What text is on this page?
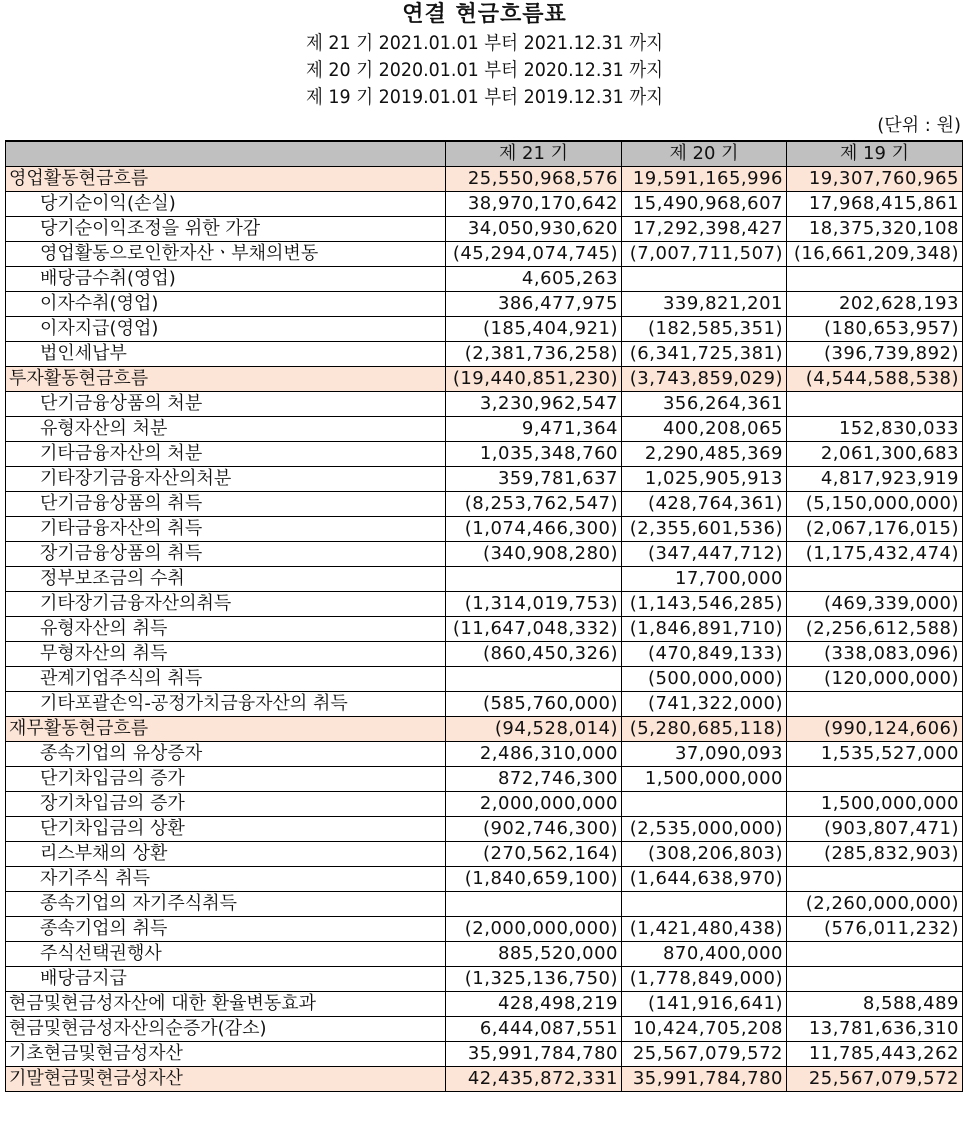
연결 현금흐름표
제 21 기 2021.01.01 부터 2021.12.31 까지
제 20 기 2020.01.01 부터 2020.12.31 까지
제 19 기 2019.01.01 부터 2019.12.31 까지
(단위 : 원)
	제 21 기	제 20 기	제 19 기
영업활동현금흐름	25,550,968,576	19,591,165,996	19,307,760,965
당기순이익(손실)	38,970,170,642	15,490,968,607	17,968,415,861
당기순이익조정을 위한 가감	34,050,930,620	17,292,398,427	18,375,320,108
영업활동으로인한자산ㆍ부채의변동	(45,294,074,745)	(7,007,711,507)	(16,661,209,348)
배당금수취(영업)	4,605,263		
이자수취(영업)	386,477,975	339,821,201	202,628,193
이자지급(영업)	(185,404,921)	(182,585,351)	(180,653,957)
법인세납부	(2,381,736,258)	(6,341,725,381)	(396,739,892)
투자활동현금흐름	(19,440,851,230)	(3,743,859,029)	(4,544,588,538)
단기금융상품의 처분	3,230,962,547	356,264,361	
유형자산의 처분	9,471,364	400,208,065	152,830,033
기타금융자산의 처분	1,035,348,760	2,290,485,369	2,061,300,683
기타장기금융자산의처분	359,781,637	1,025,905,913	4,817,923,919
단기금융상품의 취득	(8,253,762,547)	(428,764,361)	(5,150,000,000)
기타금융자산의 취득	(1,074,466,300)	(2,355,601,536)	(2,067,176,015)
장기금융상품의 취득	(340,908,280)	(347,447,712)	(1,175,432,474)
정부보조금의 수취		17,700,000	
기타장기금융자산의취득	(1,314,019,753)	(1,143,546,285)	(469,339,000)
유형자산의 취득	(11,647,048,332)	(1,846,891,710)	(2,256,612,588)
무형자산의 취득	(860,450,326)	(470,849,133)	(338,083,096)
관계기업주식의 취득		(500,000,000)	(120,000,000)
기타포괄손익-공정가치금융자산의 취득	(585,760,000)	(741,322,000)	
재무활동현금흐름	(94,528,014)	(5,280,685,118)	(990,124,606)
종속기업의 유상증자	2,486,310,000	37,090,093	1,535,527,000
단기차입금의 증가	872,746,300	1,500,000,000	
장기차입금의 증가	2,000,000,000		1,500,000,000
단기차입금의 상환	(902,746,300)	(2,535,000,000)	(903,807,471)
리스부채의 상환	(270,562,164)	(308,206,803)	(285,832,903)
자기주식 취득	(1,840,659,100)	(1,644,638,970)	
종속기업의 자기주식취득			(2,260,000,000)
종속기업의 취득	(2,000,000,000)	(1,421,480,438)	(576,011,232)
주식선택권행사	885,520,000	870,400,000	
배당금지급	(1,325,136,750)	(1,778,849,000)	
현금및현금성자산에 대한 환율변동효과	428,498,219	(141,916,641)	8,588,489
현금및현금성자산의순증가(감소)	6,444,087,551	10,424,705,208	13,781,636,310
기초현금및현금성자산	35,991,784,780	25,567,079,572	11,785,443,262
기말현금및현금성자산	42,435,872,331	35,991,784,780	25,567,079,572
